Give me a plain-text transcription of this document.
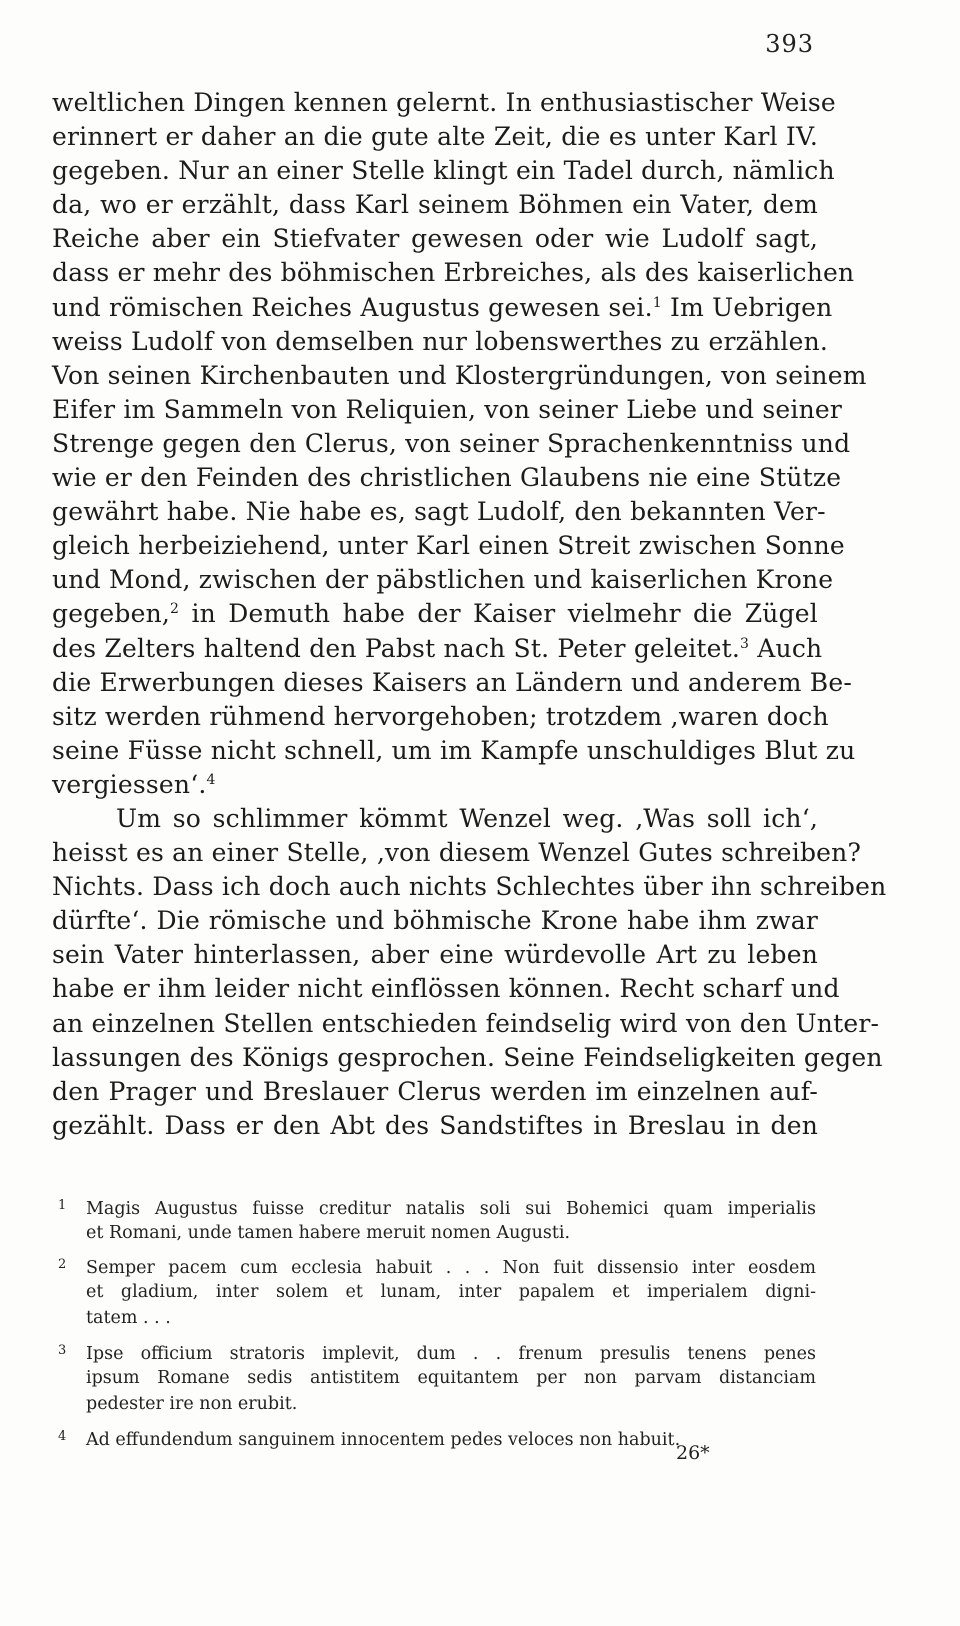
393
weltlichen Dingen kennen gelernt. In enthusiastischer Weise
erinnert er daher an die gute alte Zeit, die es unter Karl IV.
gegeben. Nur an einer Stelle klingt ein Tadel durch, nämlich
da, wo er erzählt, dass Karl seinem Böhmen ein Vater, dem
Reiche aber ein Stiefvater gewesen oder wie Ludolf sagt,
dass er mehr des böhmischen Erbreiches, als des kaiserlichen
und römischen Reiches Augustus gewesen sei.$^1$ Im Uebrigen
weiss Ludolf von demselben nur lobenswerthes zu erzählen.
Von seinen Kirchenbauten und Klostergründungen, von seinem
Eifer im Sammeln von Reliquien, von seiner Liebe und seiner
Strenge gegen den Clerus, von seiner Sprachenkenntniss und
wie er den Feinden des christlichen Glaubens nie eine Stütze
gewährt habe. Nie habe es, sagt Ludolf, den bekannten Ver-
gleich herbeiziehend, unter Karl einen Streit zwischen Sonne
und Mond, zwischen der päbstlichen und kaiserlichen Krone
gegeben,$^2$ in Demuth habe der Kaiser vielmehr die Zügel
des Zelters haltend den Pabst nach St. Peter geleitet.$^3$ Auch
die Erwerbungen dieses Kaisers an Ländern und anderem Be-
sitz werden rühmend hervorgehoben; trotzdem ‚waren doch
seine Füsse nicht schnell, um im Kampfe unschuldiges Blut zu
vergiessen‘.$^4$
Um so schlimmer kömmt Wenzel weg. ‚Was soll ich‘,
heisst es an einer Stelle, ‚von diesem Wenzel Gutes schreiben?
Nichts. Dass ich doch auch nichts Schlechtes über ihn schreiben
dürfte‘. Die römische und böhmische Krone habe ihm zwar
sein Vater hinterlassen, aber eine würdevolle Art zu leben
habe er ihm leider nicht einflössen können. Recht scharf und
an einzelnen Stellen entschieden feindselig wird von den Unter-
lassungen des Königs gesprochen. Seine Feindseligkeiten gegen
den Prager und Breslauer Clerus werden im einzelnen auf-
gezählt. Dass er den Abt des Sandstiftes in Breslau in den
1 Magis Augustus fuisse creditur natalis soli sui Bohemici quam imperialis
et Romani, unde tamen habere meruit nomen Augusti.
2 Semper pacem cum ecclesia habuit . . . Non fuit dissensio inter eosdem
et gladium, inter solem et lunam, inter papalem et imperialem digni-
tatem . . .
3 Ipse officium stratoris implevit, dum . . frenum presulis tenens penes
ipsum Romane sedis antistitem equitantem per non parvam distanciam
pedester ire non erubit.
4 Ad effundendum sanguinem innocentem pedes veloces non habuit.
26*
